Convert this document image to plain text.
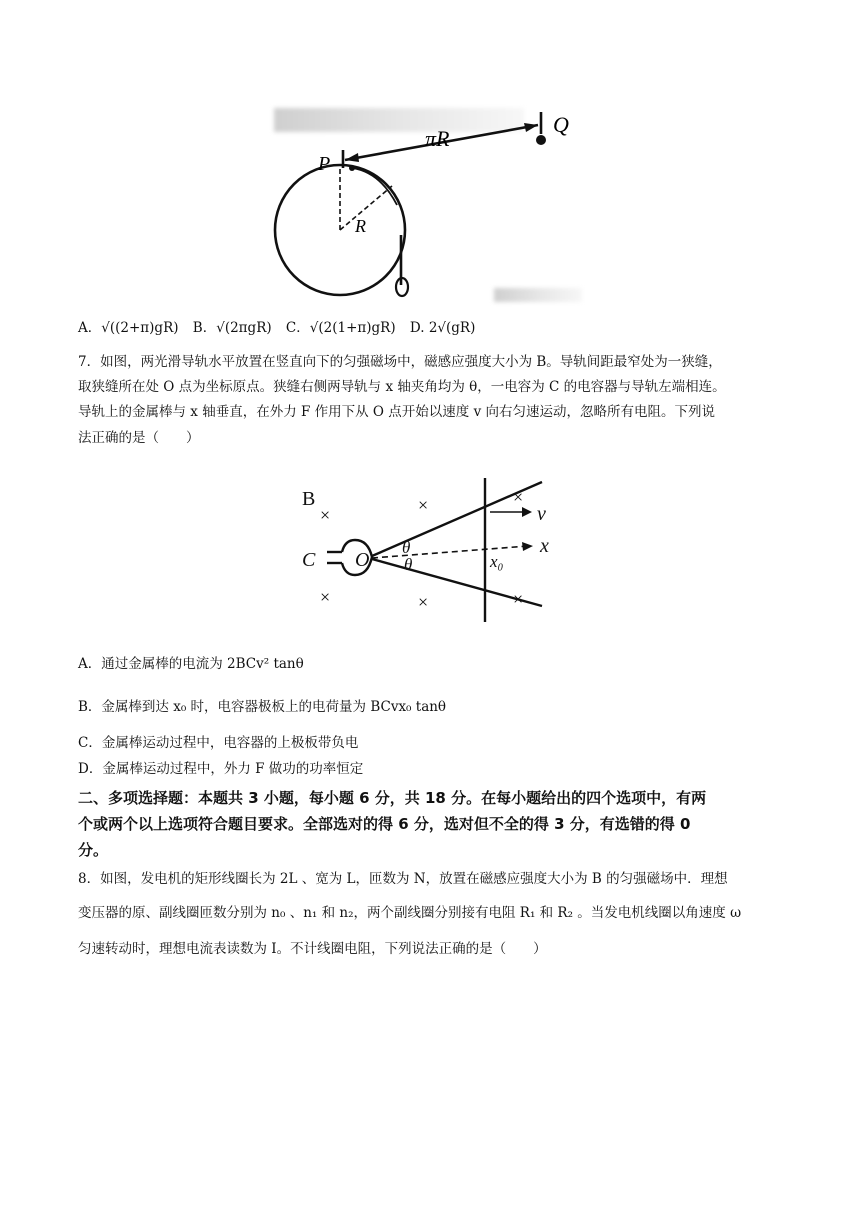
P
Q
πR
R
A．√((2+π)gR) B．√(2πgR) C．√(2(1+π)gR) D. 2√(gR)
7．如图，两光滑导轨水平放置在竖直向下的匀强磁场中，磁感应强度大小为 B。导轨间距最窄处为一狭缝，
取狭缝所在处 O 点为坐标原点。狭缝右侧两导轨与 x 轴夹角均为 θ，一电容为 C 的电容器与导轨左端相连。
导轨上的金属棒与 x 轴垂直，在外力 F 作用下从 O 点开始以速度 v 向右匀速运动，忽略所有电阻。下列说
法正确的是（　　）
B
C O
θ
θ	x₀
x
v
×	×	×
×	×	×
A．通过金属棒的电流为 2BCv² tanθ
B．金属棒到达 x₀ 时，电容器极板上的电荷量为 BCvx₀ tanθ
C．金属棒运动过程中，电容器的上极板带负电
D．金属棒运动过程中，外力 F 做功的功率恒定
二、多项选择题：本题共 3 小题，每小题 6 分，共 18 分。在每小题给出的四个选项中，有两
个或两个以上选项符合题目要求。全部选对的得 6 分，选对但不全的得 3 分，有选错的得 0
分。
8．如图，发电机的矩形线圈长为 2L 、宽为 L，匝数为 N，放置在磁感应强度大小为 B 的匀强磁场中．理想
变压器的原、副线圈匝数分别为 n₀ 、n₁ 和 n₂，两个副线圈分别接有电阻 R₁ 和 R₂ 。当发电机线圈以角速度 ω
匀速转动时，理想电流表读数为 I。不计线圈电阻，下列说法正确的是（　　）
